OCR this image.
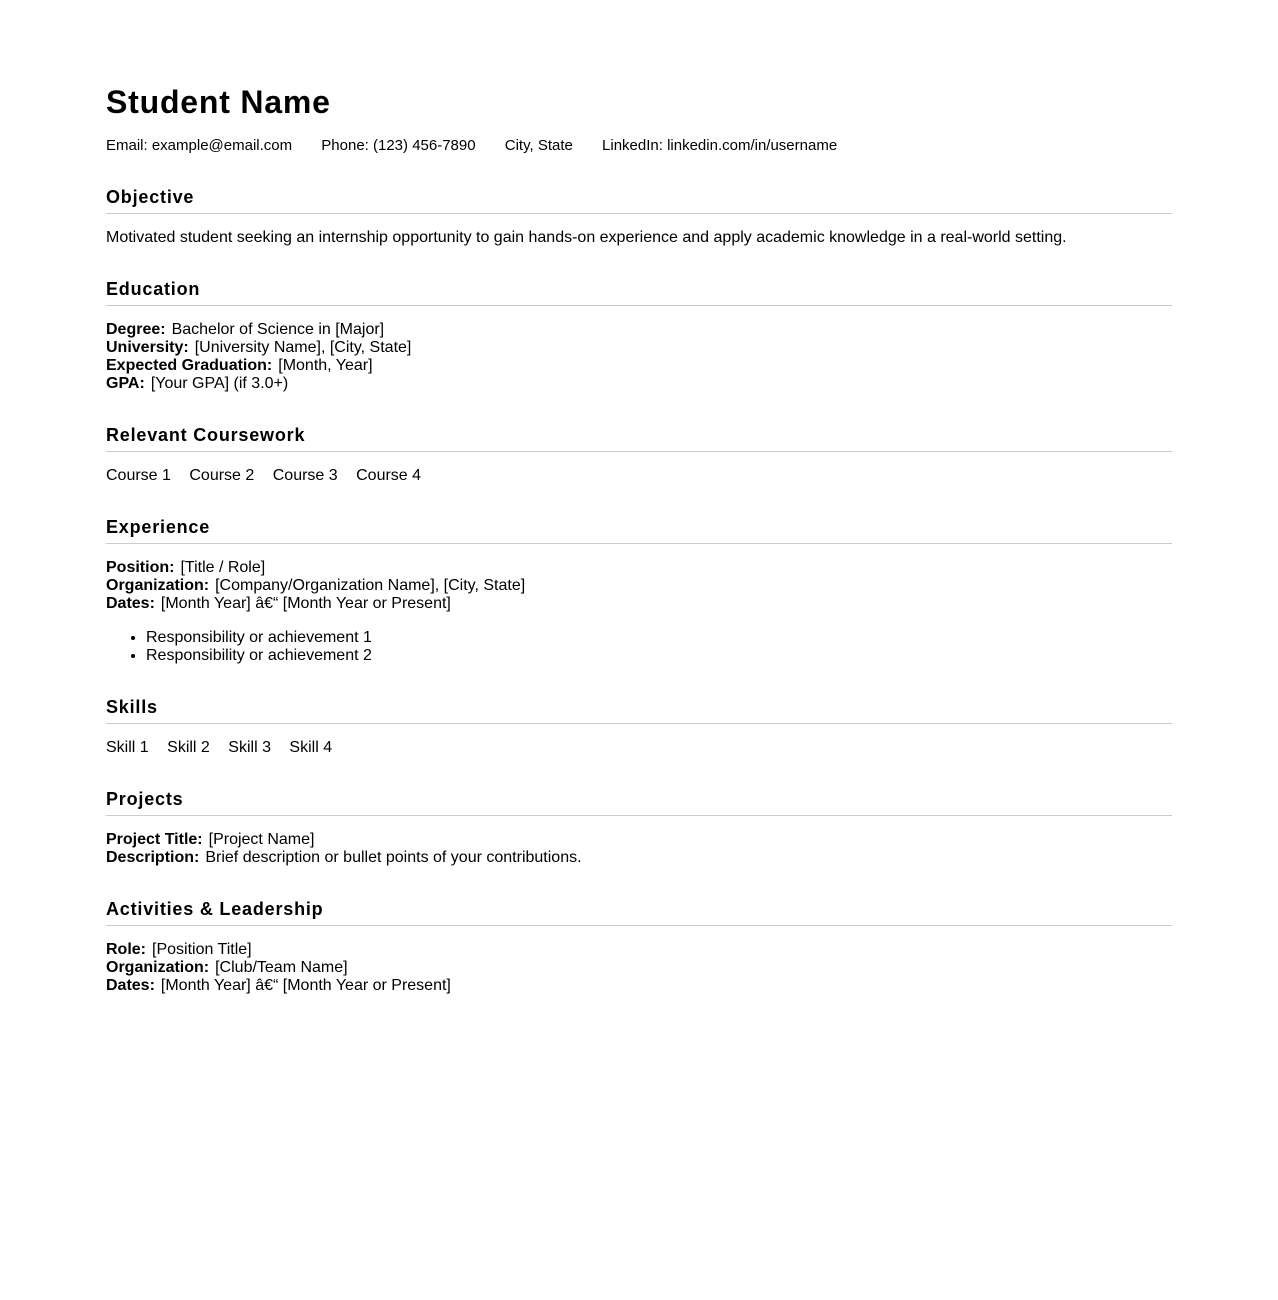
Student Name
Email: example@email.com Phone: (123) 456-7890 City, State LinkedIn: linkedin.com/in/username
Objective
Motivated student seeking an internship opportunity to gain hands-on experience and apply academic knowledge in a real-world setting.
Education
Degree: Bachelor of Science in [Major]
University: [University Name], [City, State]
Expected Graduation: [Month, Year]
GPA: [Your GPA] (if 3.0+)
Relevant Coursework
Course 1 Course 2 Course 3 Course 4
Experience
Position: [Title / Role]
Organization: [Company/Organization Name], [City, State]
Dates: [Month Year] â€“ [Month Year or Present]
• Responsibility or achievement 1
• Responsibility or achievement 2
Skills
Skill 1 Skill 2 Skill 3 Skill 4
Projects
Project Title: [Project Name]
Description: Brief description or bullet points of your contributions.
Activities & Leadership
Role: [Position Title]
Organization: [Club/Team Name]
Dates: [Month Year] â€“ [Month Year or Present]
